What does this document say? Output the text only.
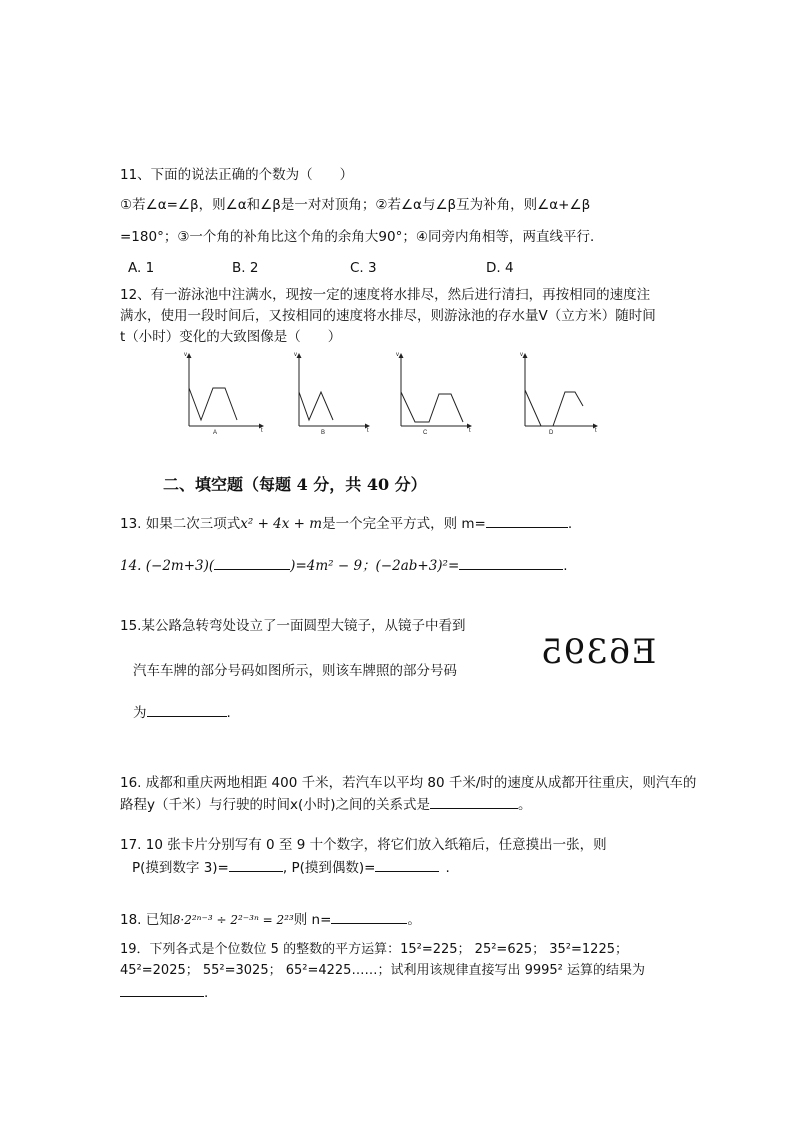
11、下面的说法正确的个数为（　　）
①若∠α=∠β，则∠α和∠β是一对对顶角；②若∠α与∠β互为补角，则∠α+∠β
=180°；③一个角的补角比这个角的余角大90°；④同旁内角相等，两直线平行．
A. 1	B. 2	C. 3	D. 4
12、有一游泳池中注满水，现按一定的速度将水排尽，然后进行清扫，再按相同的速度注
满水，使用一段时间后，又按相同的速度将水排尽，则游泳池的存水量V（立方米）随时间
t（小时）变化的大致图像是（　　）
v
t
A
v
t
B
v
t
C
v
t
D
二、填空题（每题 4 分，共 40 分）
13. 如果二次三项式x² + 4x + m是一个完全平方式，则 m=	.
14. (−2m+3)(	)=4m² − 9；(−2ab+3)²=	.
15.某公路急转弯处设立了一面圆型大镜子，从镜子中看到
汽车车牌的部分号码如图所示，则该车牌照的部分号码
为	.
E6395
16. 成都和重庆两地相距 400 千米，若汽车以平均 80 千米/时的速度从成都开往重庆，则汽车的
路程y（千米）与行驶的时间x(小时)之间的关系式是	。
17. 10 张卡片分别写有 0 至 9 十个数字，将它们放入纸箱后，任意摸出一张，则
P(摸到数字 3)=	, P(摸到偶数)=	.
18. 已知8·2²ⁿ⁻³ ÷ 2²⁻³ⁿ = 2²³则 n=	。
19．下列各式是个位数位 5 的整数的平方运算：15²=225； 25²=625； 35²=1225；
45²=2025； 55²=3025； 65²=4225……；试利用该规律直接写出 9995² 运算的结果为
.
